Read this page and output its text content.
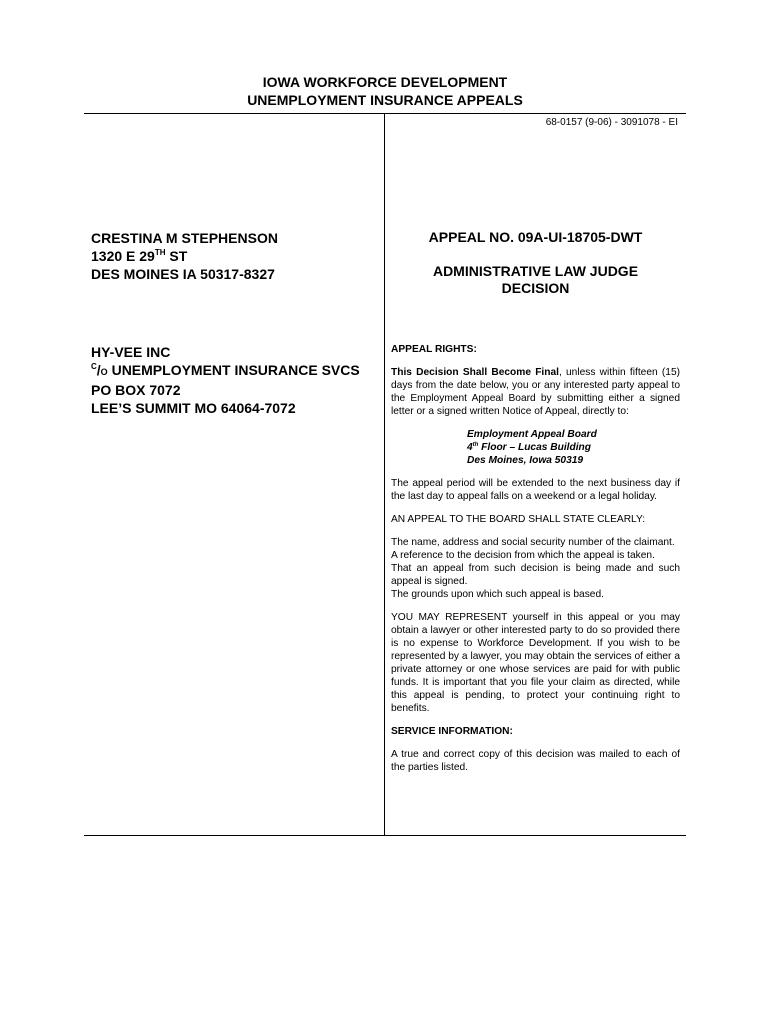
IOWA WORKFORCE DEVELOPMENT
UNEMPLOYMENT INSURANCE APPEALS
68-0157 (9-06) - 3091078 - EI
CRESTINA M STEPHENSON
1320 E 29TH ST
DES MOINES IA 50317-8327
HY-VEE INC
$^C$/O UNEMPLOYMENT INSURANCE SVCS
PO BOX 7072
LEE’S SUMMIT MO 64064-7072
APPEAL NO. 09A-UI-18705-DWT
ADMINISTRATIVE LAW JUDGE
DECISION

APPEAL RIGHTS:

This Decision Shall Become Final, unless within fifteen (15) days from the date below, you or any interested party appeal to the Employment Appeal Board by submitting either a signed letter or a signed written Notice of Appeal, directly to:

Employment Appeal Board
4th Floor – Lucas Building
Des Moines, Iowa 50319

The appeal period will be extended to the next business day if the last day to appeal falls on a weekend or a legal holiday.

AN APPEAL TO THE BOARD SHALL STATE CLEARLY:

The name, address and social security number of the claimant.

A reference to the decision from which the appeal is taken.

That an appeal from such decision is being made and such appeal is signed.

The grounds upon which such appeal is based.

YOU MAY REPRESENT yourself in this appeal or you may obtain a lawyer or other interested party to do so provided there is no expense to Workforce Development. If you wish to be represented by a lawyer, you may obtain the services of either a private attorney or one whose services are paid for with public funds. It is important that you file your claim as directed, while this appeal is pending, to protect your continuing right to benefits.

SERVICE INFORMATION:

A true and correct copy of this decision was mailed to each of the parties listed.
